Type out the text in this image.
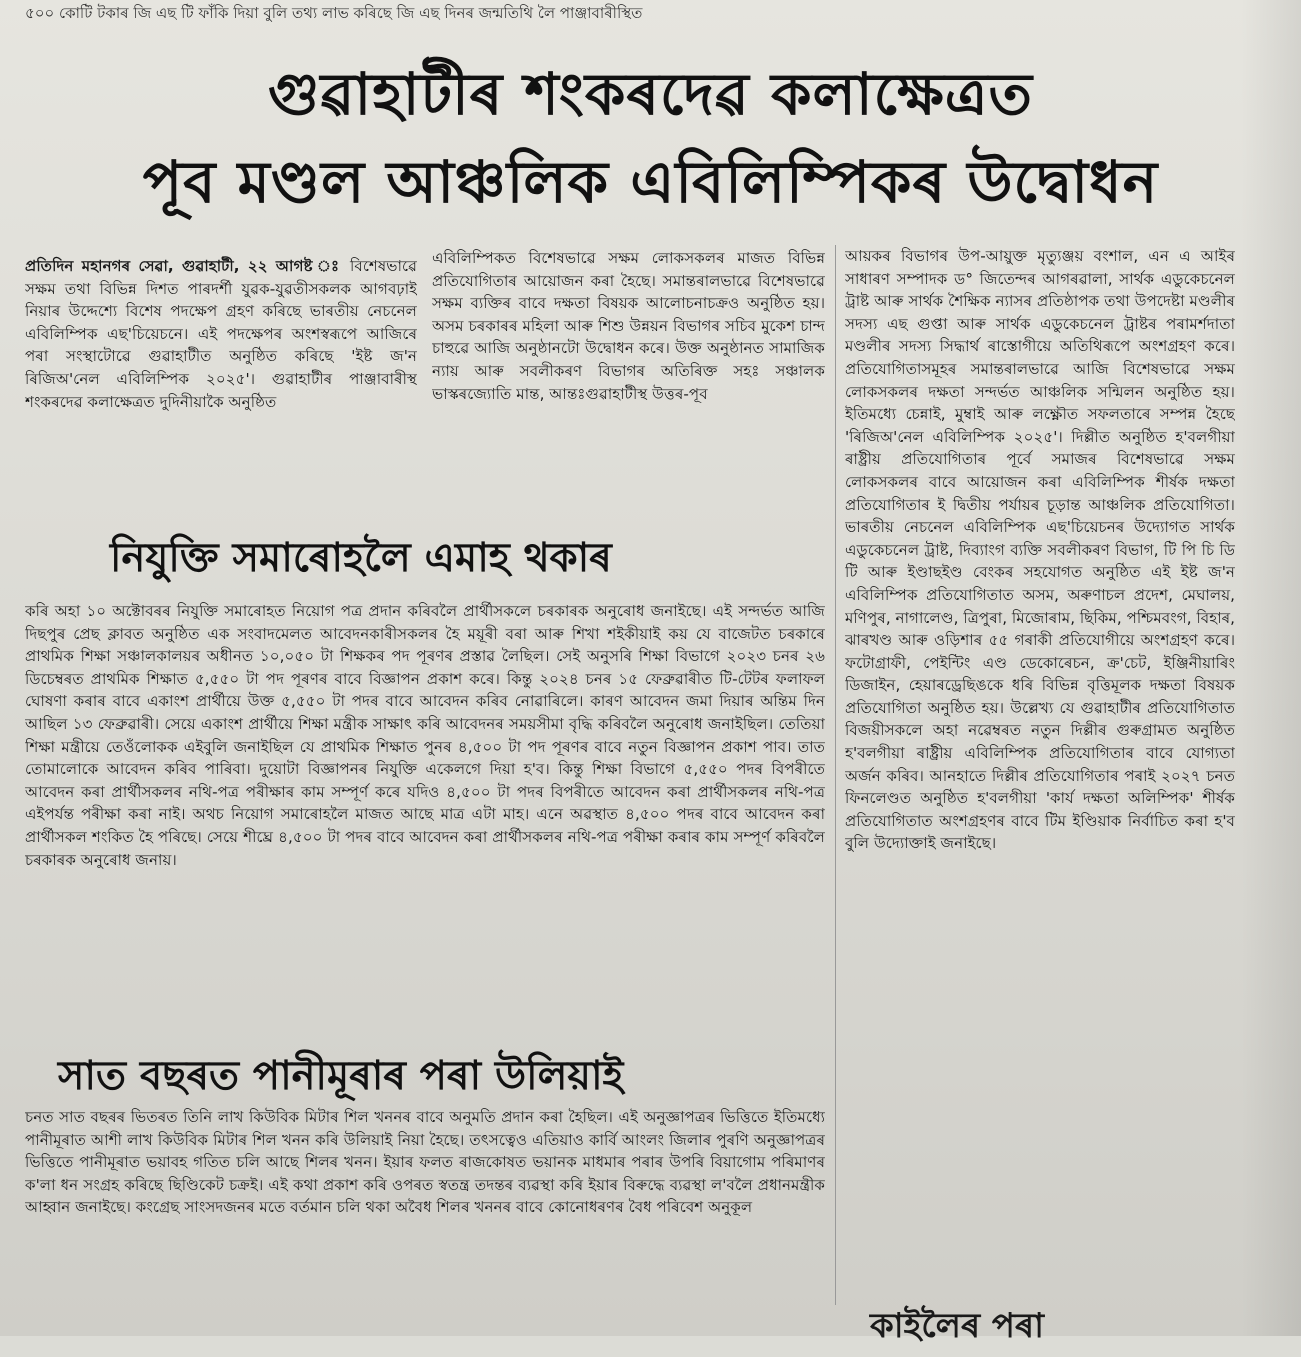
৫০০ কোটি টকাৰ জি এছ টি ফাঁকি দিয়া বুলি তথ্য লাভ কৰিছে জি এছ দিনৰ জন্মতিথি লৈ পাঞ্জাবাৰীস্থিত
গুৱাহাটীৰ শংকৰদেৱ কলাক্ষেত্ৰত
পূব মণ্ডল আঞ্চলিক এবিলিম্পিকৰ উদ্বোধন

প্ৰতিদিন মহানগৰ সেৱা, গুৱাহাটী, ২২ আগষ্ট ঃ বিশেষভাৱে সক্ষম তথা বিভিন্ন দিশত পাৰদৰ্শী যুৱক-যুৱতীসকলক আগবঢ়াই নিয়াৰ উদ্দেশ্যে বিশেষ পদক্ষেপ গ্ৰহণ কৰিছে ভাৰতীয় নেচনেল এবিলিম্পিক এছ'চিয়েচনে। এই পদক্ষেপৰ অংশস্বৰূপে আজিৰে পৰা সংস্থাটোৱে গুৱাহাটীত অনুষ্ঠিত কৰিছে 'ইষ্ট জ'ন ৰিজিঅ'নেল এবিলিম্পিক ২০২৫'। গুৱাহাটীৰ পাঞ্জাবাৰীস্থ শংকৰদেৱ কলাক্ষেত্ৰত দুদিনীয়াকৈ অনুষ্ঠিত

এবিলিম্পিকত বিশেষভাৱে সক্ষম লোকসকলৰ মাজত বিভিন্ন প্ৰতিযোগিতাৰ আয়োজন কৰা হৈছে। সমান্তৰালভাৱে বিশেষভাৱে সক্ষম ব্যক্তিৰ বাবে দক্ষতা বিষয়ক আলোচনাচক্ৰও অনুষ্ঠিত হয়। অসম চৰকাৰৰ মহিলা আৰু শিশু উন্নয়ন বিভাগৰ সচিব মুকেশ চান্দ চাহুৱে আজি অনুষ্ঠানটো উদ্বোধন কৰে। উক্ত অনুষ্ঠানত সামাজিক ন্যায় আৰু সবলীকৰণ বিভাগৰ অতিৰিক্ত সহঃ সঞ্চালক ভাস্কৰজ্যোতি মান্ত, আন্তঃগুৱাহাটীস্থ উত্তৰ-পূব

আয়কৰ বিভাগৰ উপ-আয়ুক্ত মৃত্যুঞ্জয় বংশাল, এন এ আইৰ সাধাৰণ সম্পাদক ড° জিতেন্দৰ আগৰৱালা, সাৰ্থক এডুকেচনেল ট্ৰাষ্ট আৰু সাৰ্থক শৈক্ষিক ন্যাসৰ প্ৰতিষ্ঠাপক তথা উপদেষ্টা মণ্ডলীৰ সদস্য এছ গুপ্তা আৰু সাৰ্থক এডুকেচনেল ট্ৰাষ্টৰ পৰামৰ্শদাতা মণ্ডলীৰ সদস্য সিদ্ধাৰ্থ ৰাস্তোগীয়ে অতিথিৰূপে অংশগ্ৰহণ কৰে। প্ৰতিযোগিতাসমূহৰ সমান্তৰালভাৱে আজি বিশেষভাৱে সক্ষম লোকসকলৰ দক্ষতা সন্দৰ্ভত আঞ্চলিক সন্মিলন অনুষ্ঠিত হয়। ইতিমধ্যে চেন্নাই, মুম্বাই আৰু লক্ষ্ণৌত সফলতাৰে সম্পন্ন হৈছে 'ৰিজিঅ'নেল এবিলিম্পিক ২০২৫'। দিল্লীত অনুষ্ঠিত হ'বলগীয়া ৰাষ্ট্ৰীয় প্ৰতিযোগিতাৰ পূৰ্বে সমাজৰ বিশেষভাৱে সক্ষম লোকসকলৰ বাবে আয়োজন কৰা এবিলিম্পিক শীৰ্ষক দক্ষতা প্ৰতিযোগিতাৰ ই দ্বিতীয় পৰ্যায়ৰ চূড়ান্ত আঞ্চলিক প্ৰতিযোগিতা। ভাৰতীয় নেচনেল এবিলিম্পিক এছ'চিয়েচনৰ উদ্যোগত সাৰ্থক এডুকেচনেল ট্ৰাষ্ট, দিব্যাংগ ব্যক্তি সবলীকৰণ বিভাগ, টি পি চি ডি টি আৰু ইণ্ডাছইণ্ড বেংকৰ সহযোগত অনুষ্ঠিত এই ইষ্ট জ'ন এবিলিম্পিক প্ৰতিযোগিতাত অসম, অৰুণাচল প্ৰদেশ, মেঘালয়, মণিপুৰ, নাগালেণ্ড, ত্ৰিপুৰা, মিজোৰাম, ছিকিম, পশ্চিমবংগ, বিহাৰ, ঝাৰখণ্ড আৰু ওড়িশাৰ ৫৫ গৰাকী প্ৰতিযোগীয়ে অংশগ্ৰহণ কৰে। ফটোগ্ৰাফী, পেইন্টিং এণ্ড ডেকোৰেচন, ক্ৰ'চেট, ইঞ্জিনীয়াৰিং ডিজাইন, হেয়াৰড্ৰেছিঙকে ধৰি বিভিন্ন বৃত্তিমূলক দক্ষতা বিষয়ক প্ৰতিযোগিতা অনুষ্ঠিত হয়। উল্লেখ্য যে গুৱাহাটীৰ প্ৰতিযোগিতাত বিজয়ীসকলে অহা নৱেম্বৰত নতুন দিল্লীৰ গুৰুগ্ৰামত অনুষ্ঠিত হ'বলগীয়া ৰাষ্ট্ৰীয় এবিলিম্পিক প্ৰতিযোগিতাৰ বাবে যোগ্যতা অৰ্জন কৰিব। আনহাতে দিল্লীৰ প্ৰতিযোগিতাৰ পৰাই ২০২৭ চনত ফিনলেণ্ডত অনুষ্ঠিত হ'বলগীয়া 'কাৰ্য দক্ষতা অলিম্পিক' শীৰ্ষক প্ৰতিযোগিতাত অংশগ্ৰহণৰ বাবে টিম ইণ্ডিয়াক নিৰ্বাচিত কৰা হ'ব বুলি উদ্যোক্তাই জনাইছে।

নিযুক্তি সমাৰোহলৈ এমাহ থকাৰ

কৰি অহা ১০ অক্টোবৰৰ নিযুক্তি সমাৰোহত নিয়োগ পত্ৰ প্ৰদান কৰিবলৈ প্ৰাৰ্থীসকলে চৰকাৰক অনুৰোধ জনাইছে। এই সন্দৰ্ভত আজি দিছপুৰ প্ৰেছ ক্লাবত অনুষ্ঠিত এক সংবাদমেলত আবেদনকাৰীসকলৰ হৈ ময়ূৰী বৰা আৰু শিখা শইকীয়াই কয় যে বাজেটত চৰকাৰে প্ৰাথমিক শিক্ষা সঞ্চালকালয়ৰ অধীনত ১০,০৫০ টা শিক্ষকৰ পদ পূৰণৰ প্ৰস্তাৱ লৈছিল। সেই অনুসৰি শিক্ষা বিভাগে ২০২৩ চনৰ ২৬ ডিচেম্বৰত প্ৰাথমিক শিক্ষাত ৫,৫৫০ টা পদ পূৰণৰ বাবে বিজ্ঞাপন প্ৰকাশ কৰে। কিন্তু ২০২৪ চনৰ ১৫ ফেব্ৰুৱাৰীত টি-টেটৰ ফলাফল ঘোষণা কৰাৰ বাবে একাংশ প্ৰাৰ্থীয়ে উক্ত ৫,৫৫০ টা পদৰ বাবে আবেদন কৰিব নোৱাৰিলে। কাৰণ আবেদন জমা দিয়াৰ অন্তিম দিন আছিল ১৩ ফেব্ৰুৱাৰী। সেয়ে একাংশ প্ৰাৰ্থীয়ে শিক্ষা মন্ত্ৰীক সাক্ষাৎ কৰি আবেদনৰ সময়সীমা বৃদ্ধি কৰিবলৈ অনুৰোধ জনাইছিল। তেতিয়া শিক্ষা মন্ত্ৰীয়ে তেওঁলোকক এইবুলি জনাইছিল যে প্ৰাথমিক শিক্ষাত পুনৰ ৪,৫০০ টা পদ পূৰণৰ বাবে নতুন বিজ্ঞাপন প্ৰকাশ পাব। তাত তোমালোকে আবেদন কৰিব পাৰিবা। দুয়োটা বিজ্ঞাপনৰ নিযুক্তি একেলগে দিয়া হ'ব। কিন্তু শিক্ষা বিভাগে ৫,৫৫০ পদৰ বিপৰীতে আবেদন কৰা প্ৰাৰ্থীসকলৰ নথি-পত্ৰ পৰীক্ষাৰ কাম সম্পূৰ্ণ কৰে যদিও ৪,৫০০ টা পদৰ বিপৰীতে আবেদন কৰা প্ৰাৰ্থীসকলৰ নথি-পত্ৰ এইপৰ্যন্ত পৰীক্ষা কৰা নাই। অথচ নিয়োগ সমাৰোহলৈ মাজত আছে মাত্ৰ এটা মাহ। এনে অৱস্থাত ৪,৫০০ পদৰ বাবে আবেদন কৰা প্ৰাৰ্থীসকল শংকিত হৈ পৰিছে। সেয়ে শীঘ্ৰে ৪,৫০০ টা পদৰ বাবে আবেদন কৰা প্ৰাৰ্থীসকলৰ নথি-পত্ৰ পৰীক্ষা কৰাৰ কাম সম্পূৰ্ণ কৰিবলৈ চৰকাৰক অনুৰোধ জনায়।

সাত বছৰত পানীমূৰাৰ পৰা উলিয়াই

চনত সাত বছৰৰ ভিতৰত তিনি লাখ কিউবিক মিটাৰ শিল খননৰ বাবে অনুমতি প্ৰদান কৰা হৈছিল। এই অনুজ্ঞাপত্ৰৰ ভিত্তিতে ইতিমধ্যে পানীমূৰাত আশী লাখ কিউবিক মিটাৰ শিল খনন কৰি উলিয়াই নিয়া হৈছে। তৎসত্বেও এতিয়াও কাৰ্বি আংলং জিলাৰ পুৰণি অনুজ্ঞাপত্ৰৰ ভিত্তিতে পানীমূৰাত ভয়াবহ গতিত চলি আছে শিলৰ খনন। ইয়াৰ ফলত ৰাজকোষত ভয়ানক মাধমাৰ পৰাৰ উপৰি বিয়াগোম পৰিমাণৰ ক'লা ধন সংগ্ৰহ কৰিছে ছিণ্ডিকেট চক্ৰই। এই কথা প্ৰকাশ কৰি ওপৰত স্বতন্ত্ৰ তদন্তৰ ব্যৱস্থা কৰি ইয়াৰ বিৰুদ্ধে ব্যৱস্থা ল'বলৈ প্ৰধানমন্ত্ৰীক আহ্বান জনাইছে। কংগ্ৰেছ সাংসদজনৰ মতে বৰ্তমান চলি থকা অবৈধ শিলৰ খননৰ বাবে কোনোধৰণৰ বৈধ পৰিবেশ অনুকূল

কাইলৈৰ পৰা
